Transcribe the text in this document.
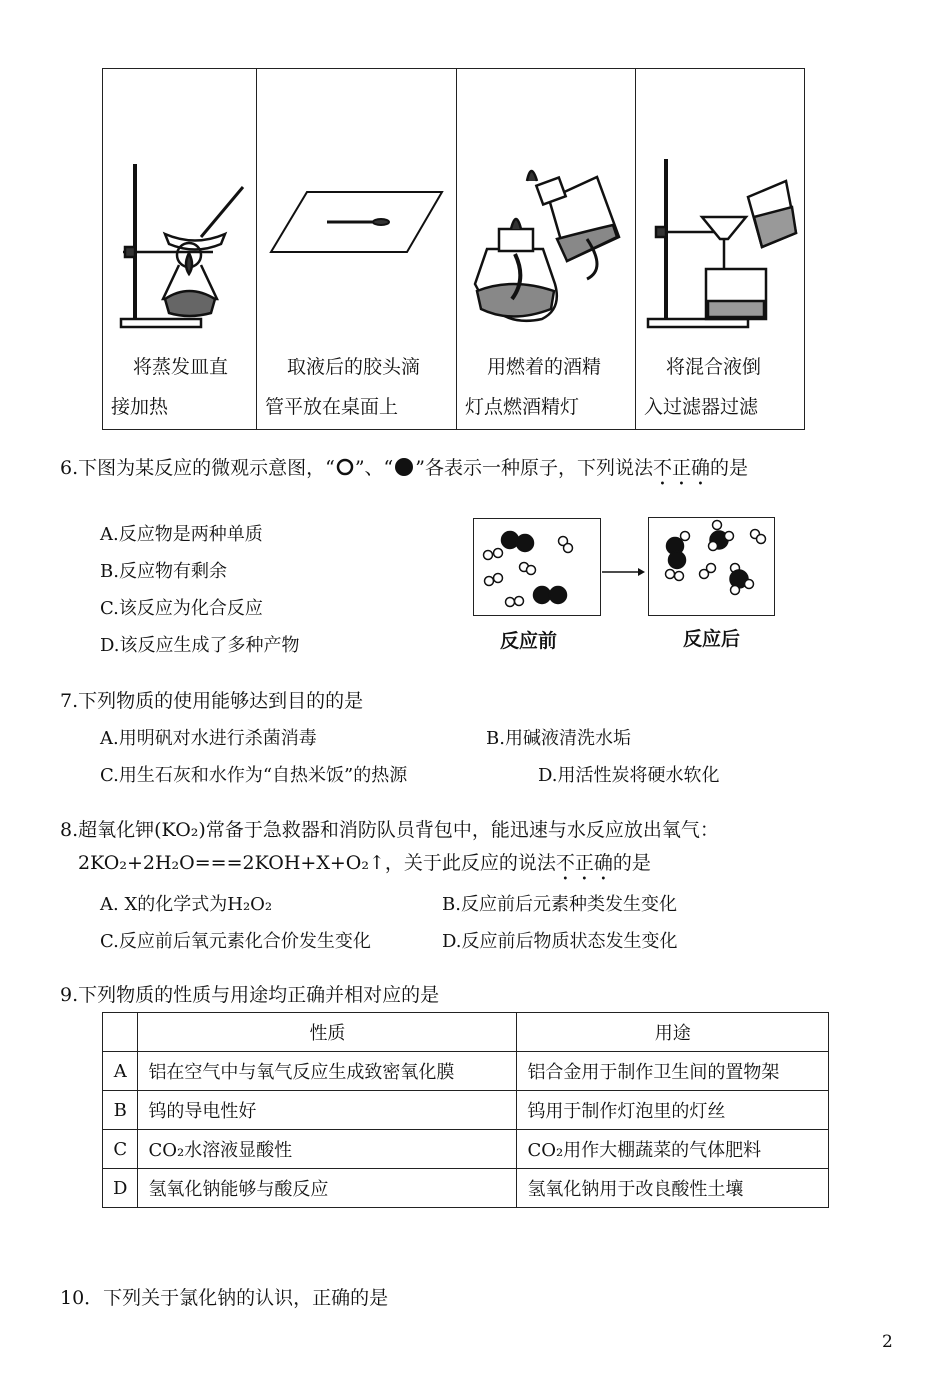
将蒸发皿直
接加热

取液后的胶头滴
管平放在桌面上

用燃着的酒精
灯点燃酒精灯

将混合液倒
入过滤器过滤
6.下图为某反应的微观示意图，“ ”、“ ”各表示一种原子，下列说法不正确的是
A.反应物是两种单质
B.反应物有剩余
C.该反应为化合反应
D.该反应生成了多种产物	反应前	反应后
7.下列物质的使用能够达到目的的是
A.用明矾对水进行杀菌消毒	B.用碱液清洗水垢
C.用生石灰和水作为“自热米饭”的热源	D.用活性炭将硬水软化
8.超氧化钾(KO₂)常备于急救器和消防队员背包中，能迅速与水反应放出氧气：
2KO₂+2H₂O===2KOH+X+O₂↑，关于此反应的说法不正确的是
A. X的化学式为H₂O₂	B.反应前后元素种类发生变化
C.反应前后氧元素化合价发生变化	D.反应前后物质状态发生变化
9.下列物质的性质与用途均正确并相对应的是
	性质	用途
A	铝在空气中与氧气反应生成致密氧化膜	铝合金用于制作卫生间的置物架
B	钨的导电性好	钨用于制作灯泡里的灯丝
C	CO₂水溶液显酸性	CO₂用作大棚蔬菜的气体肥料
D	氢氧化钠能够与酸反应	氢氧化钠用于改良酸性土壤
10．下列关于氯化钠的认识，正确的是
2
